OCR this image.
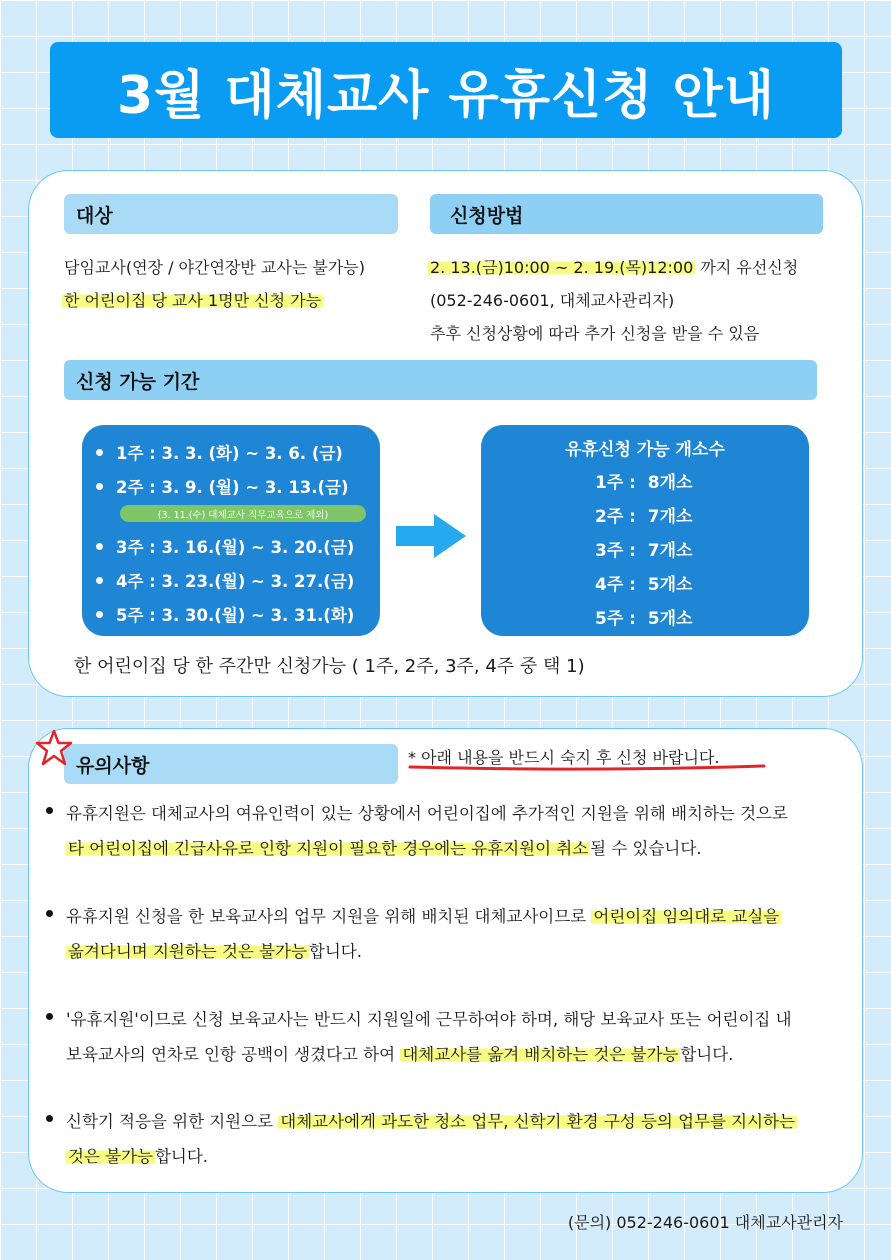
3월 대체교사 유휴신청 안내
대상
담임교사(연장 / 야간연장반 교사는 불가능)
한 어린이집 당 교사 1명만 신청 가능
신청방법
2. 13.(금)10:00 ~ 2. 19.(목)12:00 까지 유선신청
(052-246-0601, 대체교사관리자)
추후 신청상황에 따라 추가 신청을 받을 수 있음
신청 가능 기간
1주 : 3. 3. (화) ~ 3. 6. (금)
2주 : 3. 9. (월) ~ 3. 13.(금)
(3. 11.(수) 대체교사 직무교육으로 제외)
3주 : 3. 16.(월) ~ 3. 20.(금)
4주 : 3. 23.(월) ~ 3. 27.(금)
5주 : 3. 30.(월) ~ 3. 31.(화)
유휴신청 가능 개소수
1주 :  8개소
2주 :  7개소
3주 :  7개소
4주 :  5개소
5주 :  5개소
한 어린이집 당 한 주간만 신청가능 ( 1주, 2주, 3주, 4주 중 택 1)
유의사항	* 아래 내용을 반드시 숙지 후 신청 바랍니다.
유휴지원은 대체교사의 여유인력이 있는 상황에서 어린이집에 추가적인 지원을 위해 배치하는 것으로
타 어린이집에 긴급사유로 인항 지원이 필요한 경우에는 유휴지원이 취소 될 수 있습니다.
유휴지원 신청을 한 보육교사의 업무 지원을 위해 배치된 대체교사이므로 어린이집 임의대로 교실을
옮겨다니며 지원하는 것은 불가능 합니다.
'유휴지원'이므로 신청 보육교사는 반드시 지원일에 근무하여야 하며, 해당 보육교사 또는 어린이집 내
보육교사의 연차로 인항 공백이 생겼다고 하여 대체교사를 옮겨 배치하는 것은 불가능 합니다.
신학기 적응을 위한 지원으로 대체교사에게 과도한 청소 업무, 신학기 환경 구성 등의 업무를 지시하는
것은 불가능 합니다.
(문의) 052-246-0601 대체교사관리자
